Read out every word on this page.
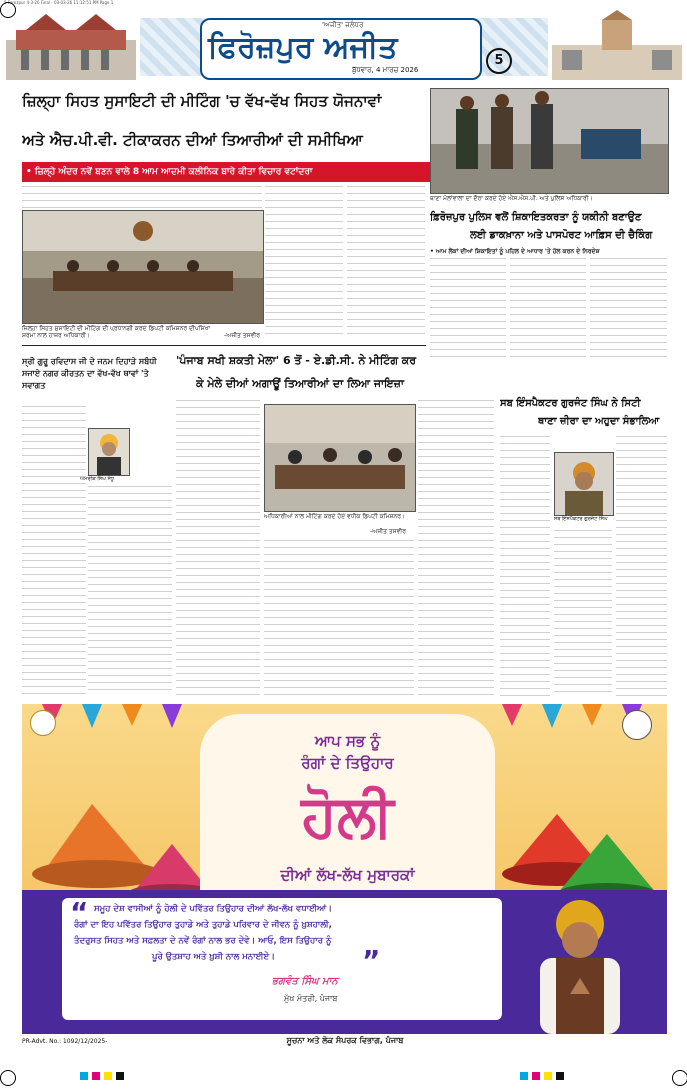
5 Ferozpur 4-3-26 Final - 03-03-26 11:12:51 PM Page 1
'ਅਜੀਤ' ਜਲੰਧਰ
ਫਿਰੋਜ਼ਪੁਰ ਅਜੀਤ
ਬੁੱਧਵਾਰ, 4 ਮਾਰਚ 2026
5
ਜ਼ਿਲ੍ਹਾ ਸਿਹਤ ਸੁਸਾਇਟੀ ਦੀ ਮੀਟਿੰਗ 'ਚ ਵੱਖ-ਵੱਖ ਸਿਹਤ ਯੋਜਨਾਵਾਂ
ਅਤੇ ਐਚ.ਪੀ.ਵੀ. ਟੀਕਾਕਰਨ ਦੀਆਂ ਤਿਆਰੀਆਂ ਦੀ ਸਮੀਖਿਆ
• ਜ਼ਿਲ੍ਹੇ ਅੰਦਰ ਨਵੇਂ ਬਣਨ ਵਾਲੇ 8 ਆਮ ਆਦਮੀ ਕਲੀਨਿਕ ਬਾਰੇ ਕੀਤਾ ਵਿਚਾਰ ਵਟਾਂਦਰਾ
ਜ਼ਿਲ੍ਹਾ ਸਿਹਤ ਸੁਸਾਇਟੀ ਦੀ ਮੀਟਿੰਗ ਦੀ ਪ੍ਰਧਾਨਗੀ ਕਰਦੇ ਡਿਪਟੀ ਕਮਿਸ਼ਨਰ ਦੀਪਸ਼ਿਖਾ ਸ਼ਰਮਾ ਨਾਲ ਹਾਜ਼ਰ ਅਧਿਕਾਰੀ।	-ਅਜੀਤ ਤਸਵੀਰ
ਥਾਣਾ ਮੱਲਾਂਵਾਲਾ ਦਾ ਦੌਰਾ ਕਰਦੇ ਹੋਏ ਐਸ.ਐਸ.ਪੀ. ਅਤੇ ਪੁਲਿਸ ਅਧਿਕਾਰੀ।
ਫ਼ਿਰੋਜ਼ਪੁਰ ਪੁਲਿਸ ਵਲੋਂ ਸ਼ਿਕਾਇਤਕਰਤਾ ਨੂੰ ਯਕੀਨੀ ਬਣਾਉਣ
ਲਈ ਡਾਕਖ਼ਾਨਾ ਅਤੇ ਪਾਸਪੋਰਟ ਆਫ਼ਿਸ ਦੀ ਚੈਕਿੰਗ
• ਆਮ ਲੋਕਾਂ ਦੀਆਂ ਸ਼ਿਕਾਇਤਾਂ ਨੂੰ ਪਹਿਲ ਦੇ ਆਧਾਰ 'ਤੇ ਹੱਲ ਕਰਨ ਦੇ ਨਿਰਦੇਸ਼
ਸ੍ਰੀ ਗੁਰੂ ਰਵਿਦਾਸ ਜੀ ਦੇ ਜਨਮ ਦਿਹਾੜੇ ਸਬੰਧੀ ਸਜਾਏ ਨਗਰ ਕੀਰਤਨ ਦਾ ਵੱਖ-ਵੱਖ ਥਾਵਾਂ 'ਤੇ ਸਵਾਗਤ
ਅਮਰੀਕ ਸਿੰਘ ਸੰਧੂ
'ਪੰਜਾਬ ਸਖੀ ਸ਼ਕਤੀ ਮੇਲਾ' 6 ਤੋਂ - ਏ.ਡੀ.ਸੀ. ਨੇ ਮੀਟਿੰਗ ਕਰ
ਕੇ ਮੇਲੇ ਦੀਆਂ ਅਗਾਊਂ ਤਿਆਰੀਆਂ ਦਾ ਲਿਆ ਜਾਇਜ਼ਾ
ਅਧਿਕਾਰੀਆਂ ਨਾਲ ਮੀਟਿੰਗ ਕਰਦੇ ਹੋਏ ਵਧੀਕ ਡਿਪਟੀ ਕਮਿਸ਼ਨਰ।
-ਅਜੀਤ ਤਸਵੀਰ
ਸਬ ਇੰਸਪੈਕਟਰ ਗੁਰਜੰਟ ਸਿੰਘ ਨੇ ਸਿਟੀ
ਥਾਣਾ ਜ਼ੀਰਾ ਦਾ ਅਹੁਦਾ ਸੰਭਾਲਿਆ
ਸਬ ਇੰਸਪੈਕਟਰ ਗੁਰਜੰਟ ਸਿੰਘ
ਆਪ ਸਭ ਨੂੰ
ਰੰਗਾਂ ਦੇ ਤਿਉਹਾਰ
ਹੋਲੀ
ਦੀਆਂ ਲੱਖ-ਲੱਖ ਮੁਬਾਰਕਾਂ
“ ਸਮੂਹ ਦੇਸ਼ ਵਾਸੀਆਂ ਨੂੰ ਹੋਲੀ ਦੇ ਪਵਿੱਤਰ ਤਿਉਹਾਰ ਦੀਆਂ ਲੱਖ-ਲੱਖ ਵਧਾਈਆਂ।
ਰੰਗਾਂ ਦਾ ਇਹ ਪਵਿੱਤਰ ਤਿਉਹਾਰ ਤੁਹਾਡੇ ਅਤੇ ਤੁਹਾਡੇ ਪਰਿਵਾਰ ਦੇ ਜੀਵਨ ਨੂੰ ਖ਼ੁਸ਼ਹਾਲੀ,
ਤੰਦਰੁਸਤ ਸਿਹਤ ਅਤੇ ਸਫ਼ਲਤਾ ਦੇ ਨਵੇਂ ਰੰਗਾਂ ਨਾਲ ਭਰ ਦੇਵੇ। ਆਓ, ਇਸ ਤਿਉਹਾਰ ਨੂੰ
ਪੂਰੇ ਉਤਸ਼ਾਹ ਅਤੇ ਖ਼ੁਸ਼ੀ ਨਾਲ ਮਨਾਈਏ।	”
ਭਗਵੰਤ ਸਿੰਘ ਮਾਨ
ਮੁੱਖ ਮੰਤਰੀ, ਪੰਜਾਬ
PR-Advt. No.: 1092/12/2025-	ਸੂਚਨਾ ਅਤੇ ਲੋਕ ਸੰਪਰਕ ਵਿਭਾਗ, ਪੰਜਾਬ
